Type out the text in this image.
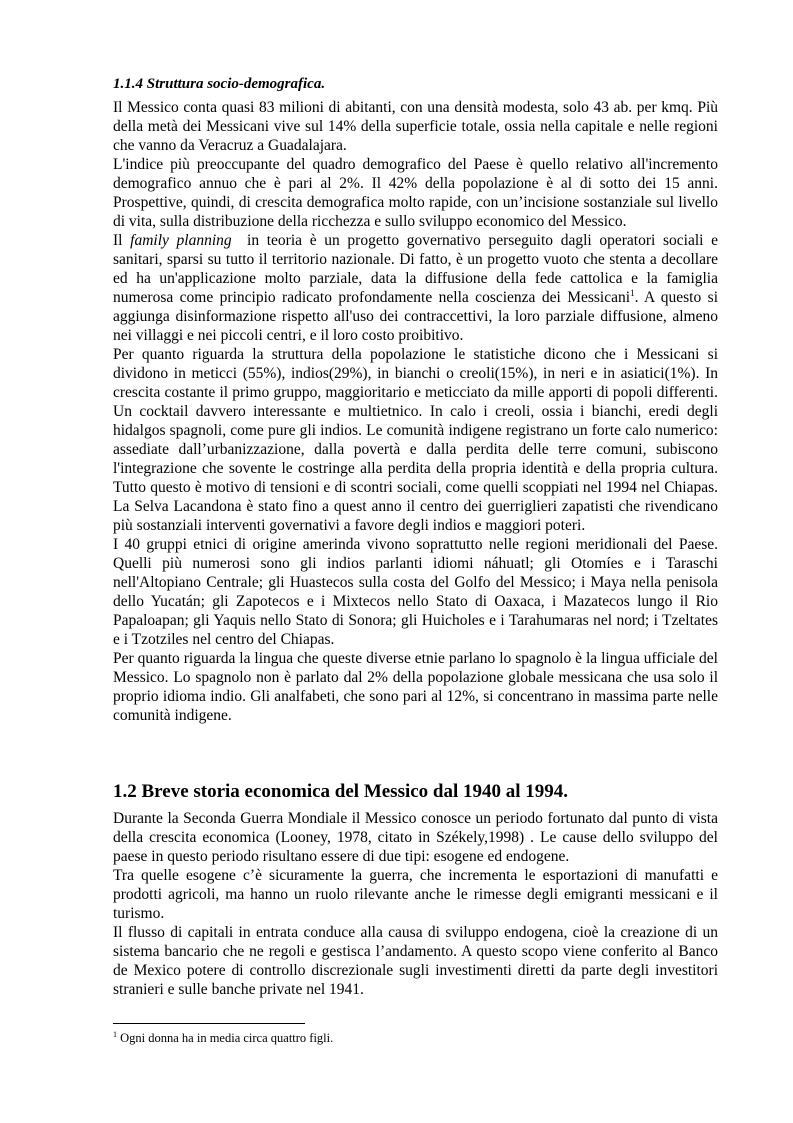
1.1.4 Struttura socio-demografica.

Il Messico conta quasi 83 milioni di abitanti, con una densità modesta, solo 43 ab. per kmq. Più della metà dei Messicani vive sul 14% della superficie totale, ossia nella capitale e nelle regioni che vanno da Veracruz a Guadalajara.

L'indice più preoccupante del quadro demografico del Paese è quello relativo all'incremento demografico annuo che è pari al 2%. Il 42% della popolazione è al di sotto dei 15 anni. Prospettive, quindi, di crescita demografica molto rapide, con un’incisione sostanziale sul livello di vita, sulla distribuzione della ricchezza e sullo sviluppo economico del Messico.

Il family planning in teoria è un progetto governativo perseguito dagli operatori sociali e sanitari, sparsi su tutto il territorio nazionale. Di fatto, è un progetto vuoto che stenta a decollare ed ha un'applicazione molto parziale, data la diffusione della fede cattolica e la famiglia numerosa come principio radicato profondamente nella coscienza dei Messicani$^1$. A questo si aggiunga disinformazione rispetto all'uso dei contraccettivi, la loro parziale diffusione, almeno nei villaggi e nei piccoli centri, e il loro costo proibitivo.

Per quanto riguarda la struttura della popolazione le statistiche dicono che i Messicani si dividono in meticci (55%), indios(29%), in bianchi o creoli(15%), in neri e in asiatici(1%). In crescita costante il primo gruppo, maggioritario e meticciato da mille apporti di popoli differenti. Un cocktail davvero interessante e multietnico. In calo i creoli, ossia i bianchi, eredi degli hidalgos spagnoli, come pure gli indios. Le comunità indigene registrano un forte calo numerico: assediate dall’urbanizzazione, dalla povertà e dalla perdita delle terre comuni, subiscono l'integrazione che sovente le costringe alla perdita della propria identità e della propria cultura. Tutto questo è motivo di tensioni e di scontri sociali, come quelli scoppiati nel 1994 nel Chiapas. La Selva Lacandona è stato fino a quest anno il centro dei guerriglieri zapatisti che rivendicano più sostanziali interventi governativi a favore degli indios e maggiori poteri.

I 40 gruppi etnici di origine amerinda vivono soprattutto nelle regioni meridionali del Paese. Quelli più numerosi sono gli indios parlanti idiomi náhuatl; gli Otomíes e i Taraschi nell'Altopiano Centrale; gli Huastecos sulla costa del Golfo del Messico; i Maya nella penisola dello Yucatán; gli Zapotecos e i Mixtecos nello Stato di Oaxaca, i Mazatecos lungo il Rio Papaloapan; gli Yaquis nello Stato di Sonora; gli Huicholes e i Tarahumaras nel nord; i Tzeltates e i Tzotziles nel centro del Chiapas.

Per quanto riguarda la lingua che queste diverse etnie parlano lo spagnolo è la lingua ufficiale del Messico. Lo spagnolo non è parlato dal 2% della popolazione globale messicana che usa solo il proprio idioma indio. Gli analfabeti, che sono pari al 12%, si concentrano in massima parte nelle comunità indigene.

1.2 Breve storia economica del Messico dal 1940 al 1994.

Durante la Seconda Guerra Mondiale il Messico conosce un periodo fortunato dal punto di vista della crescita economica (Looney, 1978, citato in Székely,1998) . Le cause dello sviluppo del paese in questo periodo risultano essere di due tipi: esogene ed endogene.

Tra quelle esogene c’è sicuramente la guerra, che incrementa le esportazioni di manufatti e prodotti agricoli, ma hanno un ruolo rilevante anche le rimesse degli emigranti messicani e il turismo.

Il flusso di capitali in entrata conduce alla causa di sviluppo endogena, cioè la creazione di un sistema bancario che ne regoli e gestisca l’andamento. A questo scopo viene conferito al Banco de Mexico potere di controllo discrezionale sugli investimenti diretti da parte degli investitori stranieri e sulle banche private nel 1941.

$^1$ Ogni donna ha in media circa quattro figli.
